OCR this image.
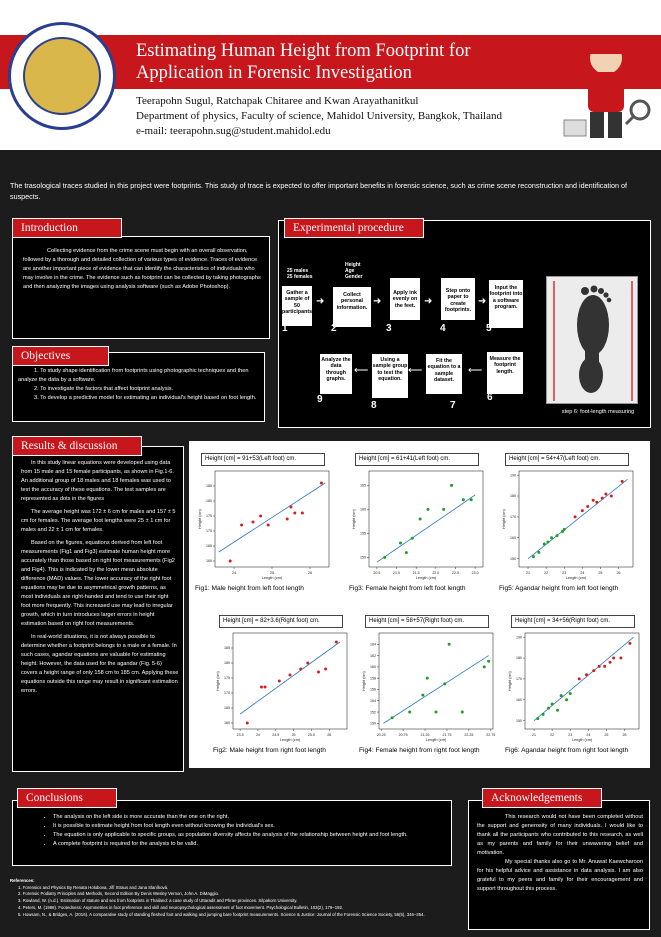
Estimating Human Height from Footprint for
Application in Forensic Investigation
Teerapohn Sugul, Ratchapak Chitaree and Kwan Arayathanitkul
Department of physics, Faculty of science, Mahidol University, Bangkok, Thailand
e-mail: teerapohn.sug@student.mahidol.edu
The trasological traces studied in this project were footprints. This study of trace is expected to offer important benefits in forensic science, such as crime scene reconstruction and identification of suspects.
Collecting evidence from the crime scene must begin with an overall observation, followed by a thorough and detailed collection of various types of evidence. Traces of evidence are another important piece of evidence that can identify the characteristics of individuals who may involve in the crime. The evidence such as footprint can be collected by taking photographs and then analyzing the images using analysis software (such as Adobe Photoshop).
Introduction
1. To study shape identification from footprints using photographic techniques and then analyze the data by a software.
2. To investigate the factors that affect footprint analysis.
3. To develop a predictive model for estimating an individual's height based on foot length.
Objectives
Experimental procedure
25 males
25 females
Height
Age
Gender
Gather a sample of 50 participants
1
➜
Collect personal information.
2
➜
Apply ink evenly on the feet.
3
➜
Step onto paper to create footprints.
4
➜
Input the footprint into a software program.
5
Measure the footprint length.
6
⟵
Fit the equation to a sample dataset.
7
⟵
Using a sample group to test the equation.
8
⟵
Analyze the data through graphs.
9
step 6: foot-length measuring
In this study linear equations were developed using data from 15 male and 15 female participants, as shown in Fig.1-6. An additional group of 18 males and 18 females was used to test the accuracy of these equations. The test samples are represented as dots in the figures
The average height was 172 ± 6 cm for males and 157 ± 5 cm for females. The average foot lengths were 25 ± 1 cm for males and 22 ± 1 cm for females.
Based on the figures, equations derived from left foot measurements (Fig1 and Fig3) estimate human height more accurately than those based on right foot measurements (Fig2 and Fig4). This is indicated by the lower mean absolute difference (MAD) values. The lower accuracy of the right foot equations may be due to asymmetrical growth patterns, as most individuals are right-handed and tend to use their right foot more frequently. This increased use may lead to irregular growth, which in turn introduces larger errors in height estimation based on right foot measurements.
In real-world situations, it is not always possible to determine whether a footprint belongs to a male or a female. In such cases, agandar equations are valuable for estimating height. However, the data used for the agandar (Fig. 5-6) covers a height range of only 158 cm to 185 cm. Applying these equations outside this range may result in significant estimation errors.
Results & discussion
Height [cm] = 91+53(Left foot) cm.
24	25	26
160
165
170
175
180
185
Length (cm)
Height (cm)
Fig1: Male height from left foot length
Height [cm] = 61+41(Left foot) cm.
20.5	21.0	21.5	22.0	22.5	23.0
150
155
160
165
Length (cm)
Height (cm)
Fig3: Female height from left foot length
Height [cm] = 54+47(Left foot) cm.
21	22	23	24	25	26
150
160
170
180
190
Length (cm)
Height (cm)
Fig5: Agandar height from left foot length
Height [cm] = 82+3.6(Right foot) cm.
23.5	24	24.5	25	25.5	26
160
165
170
175
180
185
Length (cm)
Height (cm)
Fig2: Male height from right foot length
Height [cm] = 58+57(Right foot) cm.
20.25	20.75	21.25	21.75	22.25	22.75
150
152
154
156
158
160
162
164
Length (cm)
Height (cm)
Fig4: Female height from right foot length
Height [cm] = 34+56(Right foot) cm.
21	22	23	24	25	26
150
160
170
180
190
Length (cm)
Height (cm)
Fig6: Agandar height from right foot length
• The analysis on the left side is more accurate than the one on the right.
• It is possible to estimate height from foot length even without knowing the individual's sex.
• The equation is only applicable to specific groups, as population diversity affects the analysis of the relationship between height and foot length.
• A complete footprint is required for the analysis to be valid.
Conclusions
This research would not have been completed without the support and generosity of many individuals. I would like to thank all the participants who contributed to this research, as well as my parents and family for their unwavering belief and motivation.
My special thanks also go to Mr. Anuwat Kaewcharoon for his helpful advice and assistance in data analysis. I am also grateful to my peers and family for their encouragement and support throughout this process.
Acknowledgements
References:
1. Forensics and Physics By Renata Holubova, Jiří Straus and Jana Slaníková.
2. Forensic Podiatry Principles and Methods, Second Edition By Denis Wesley Vernon, John A. DiMaggio.
3. Rowland, W. (n.d.). Estimation of stature and sex from footprints in Thailand: a case study of Uttaradit and Phrae provinces. Silpakorn University.
4. Peters, M. (1988). Footedness: Asymmetries in foot preference and skill and neuropsychological assessment of foot movement. Psychological Bulletin, 103(2), 179–192.
5. Howsam, N., & Bridges, A. (2016). A comparative study of standing fleshed foot and walking and jumping bare footprint measurements. Science & Justice: Journal of the Forensic Science Society, 56(5), 346–354.
